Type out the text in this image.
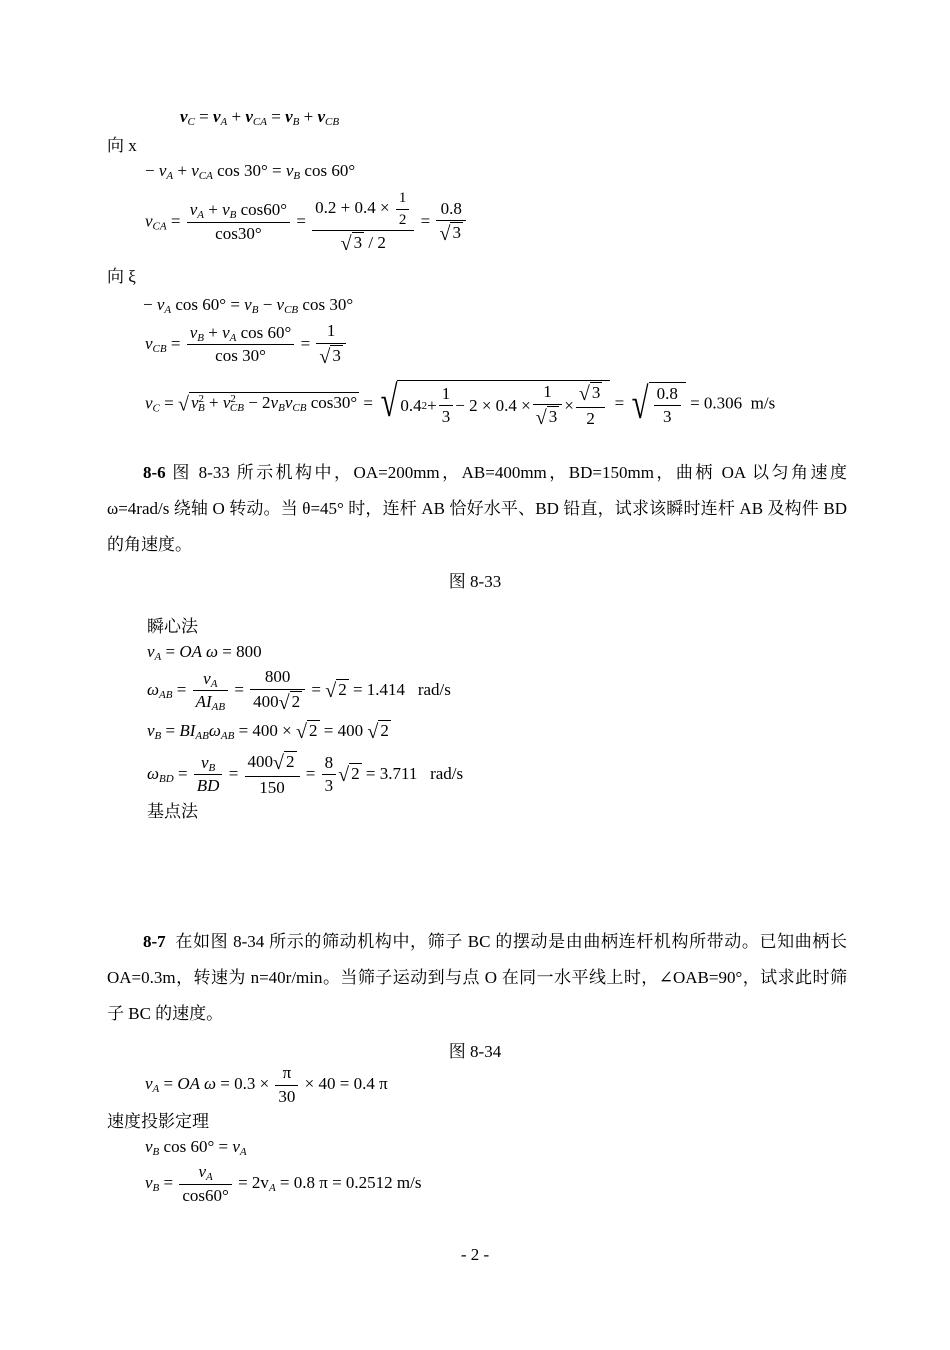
$v_C = v_A + v_{CA} = v_B + v_{CB}$
向 x
− $v_A + v_{CA}$ $\cos 30^\circ = v_B$ cos 60°
$v_{CA} = \frac{v_A + v_B \cos 60^\circ}{\cos 30^\circ} = \frac{0.2 + 0.4 \times \frac{1}{2}}{√ 3 / 2} = \frac{0.8}{√ 3}$
向 ξ
− $v_A$ $\cos 60^\circ = v_B - v_{CB}$ cos 30°
$v_{CB} = \frac{v_B + v_A \cos 60^\circ}{\cos 30^\circ} = \frac{1}{√ 3}$
$v_C$ = √ $v^2_B + v^2_{CB} - 2v_Bv_{CB}$ cos30° = √ 0.4 $2 + \frac{1}{3} - 2 \times 0.4 \times \frac{1}{√ 3} \times \frac{√ 3}{2}$ = √ $\frac{0.8}{3} = 0.306$ m/s
8-6 图 8-33 所示机构中，OA=200mm，AB=400mm，BD=150mm，曲柄 OA 以匀角速度 ω=4rad/s 绕轴 O 转动。当 θ=45° 时，连杆 AB 恰好水平、BD 铅直，试求该瞬时连杆 AB 及构件 BD 的角速度。
图 8-33
瞬心法
$v_A$ = OA ω = 800
$\omega_{AB} = \frac{v_A}{AI_{AB}} = \frac{800}{400√ 2}$ = √ 2 = 1.414 rad/s
$v_B = BI_{AB}\omega_{AB} = 400$ × √ 2 = 400 √ 2
$\omega_{BD} = \frac{v_B}{BD} = \frac{400√ 2}{150} = \frac{8}{3}$ √ 2 = 3.711 rad/s
基点法
8-7 在如图 8-34 所示的筛动机构中，筛子 BC 的摆动是由曲柄连杆机构所带动。已知曲柄长 OA=0.3m，转速为 n=40r/min。当筛子运动到与点 O 在同一水平线上时，∠OAB=90°，试求此时筛子 BC 的速度。
图 8-34
$v_A$ = OA $\omega = 0.3 \times \frac{\pi}{30} \times 40 = 0.4$ π
速度投影定理
$v_B$ $\cos 60^\circ = v_A$
$v_B = \frac{v_A}{\cos 60^\circ} = 2v_A = 0.8$ π = 0.2512 m/s
- 2 -
